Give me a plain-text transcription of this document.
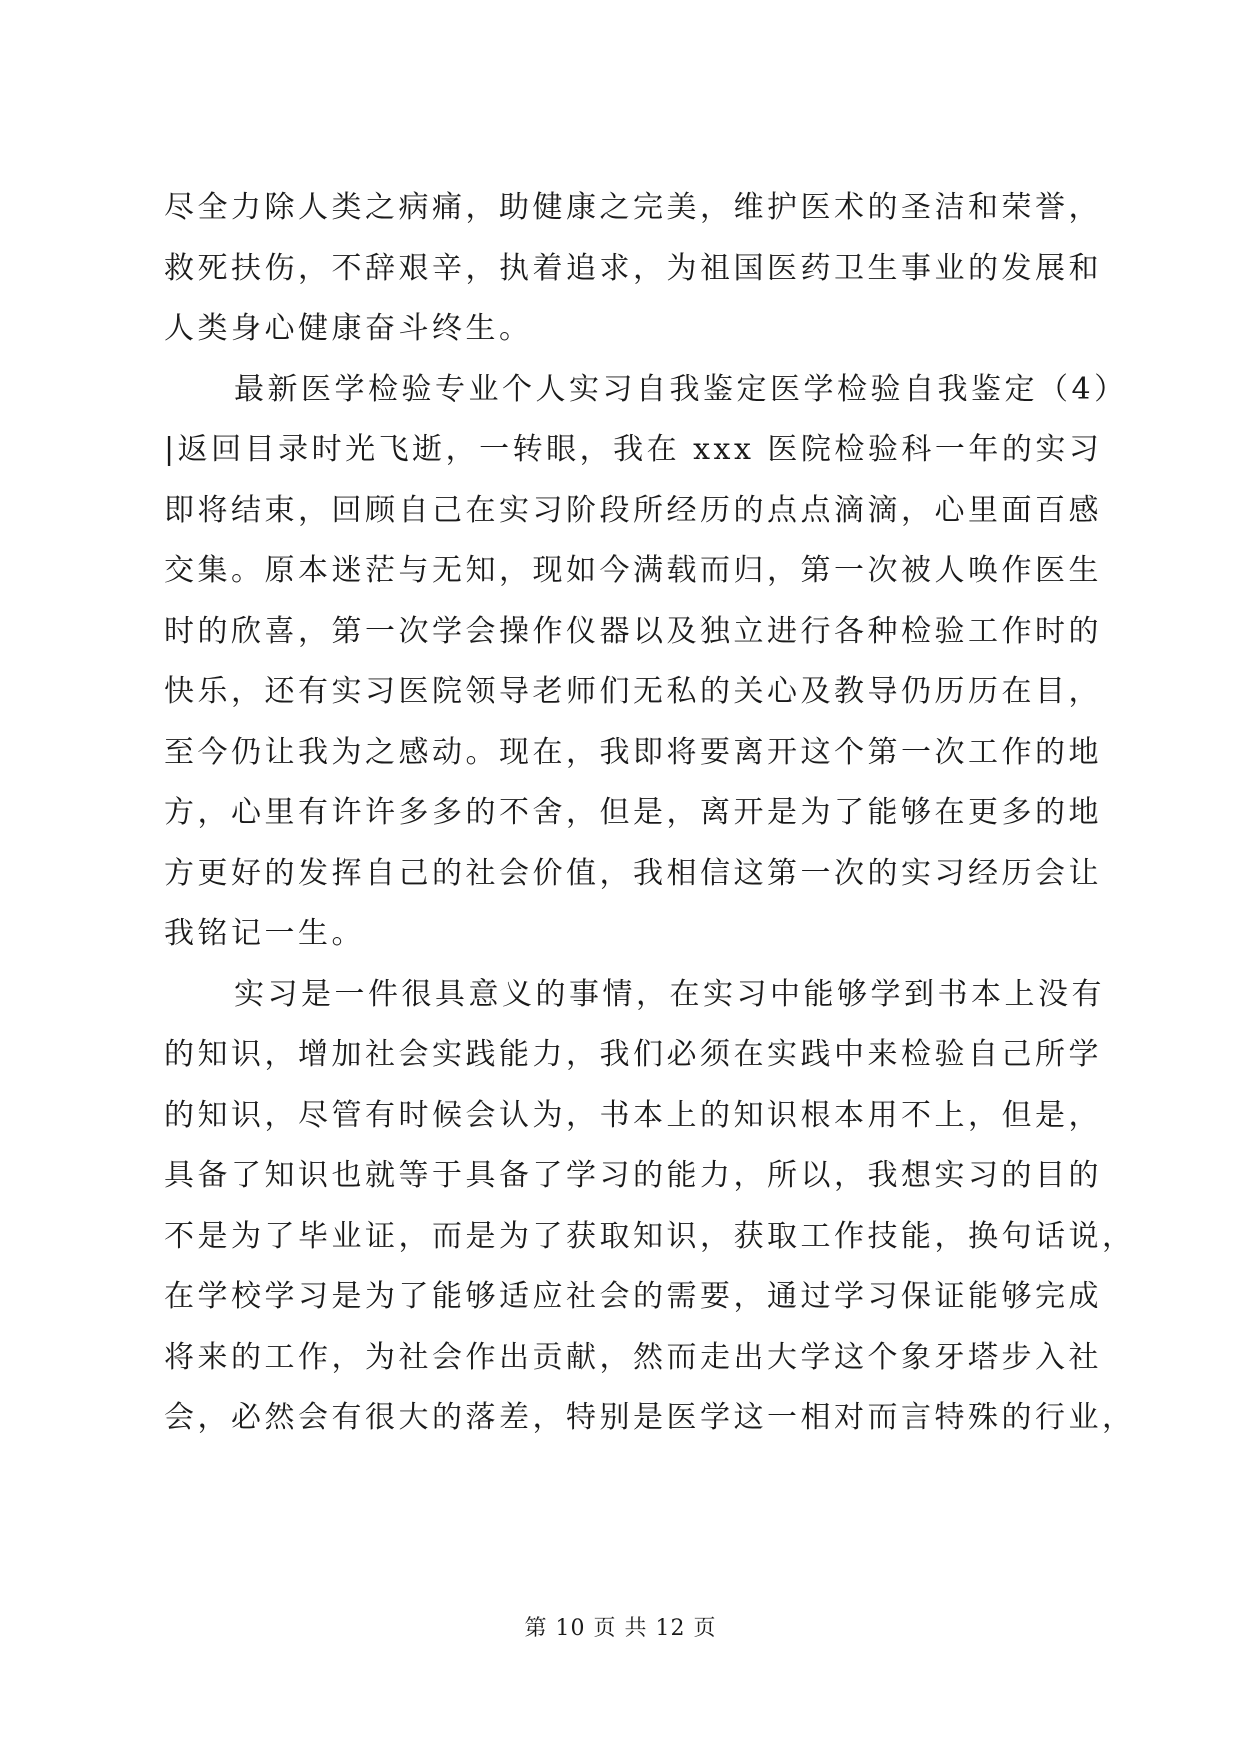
尽全力除人类之病痛，助健康之完美，维护医术的圣洁和荣誉，
救死扶伤，不辞艰辛，执着追求，为祖国医药卫生事业的发展和
人类身心健康奋斗终生。
最新医学检验专业个人实习自我鉴定医学检验自我鉴定（4）
|返回目录时光飞逝，一转眼，我在 xxx 医院检验科一年的实习
即将结束，回顾自己在实习阶段所经历的点点滴滴，心里面百感
交集。原本迷茫与无知，现如今满载而归，第一次被人唤作医生
时的欣喜，第一次学会操作仪器以及独立进行各种检验工作时的
快乐，还有实习医院领导老师们无私的关心及教导仍历历在目，
至今仍让我为之感动。现在，我即将要离开这个第一次工作的地
方，心里有许许多多的不舍，但是，离开是为了能够在更多的地
方更好的发挥自己的社会价值，我相信这第一次的实习经历会让
我铭记一生。
实习是一件很具意义的事情，在实习中能够学到书本上没有
的知识，增加社会实践能力，我们必须在实践中来检验自己所学
的知识，尽管有时候会认为，书本上的知识根本用不上，但是，
具备了知识也就等于具备了学习的能力，所以，我想实习的目的
不是为了毕业证，而是为了获取知识，获取工作技能，换句话说，
在学校学习是为了能够适应社会的需要，通过学习保证能够完成
将来的工作，为社会作出贡献，然而走出大学这个象牙塔步入社
会，必然会有很大的落差，特别是医学这一相对而言特殊的行业，
第 10 页 共 12 页
